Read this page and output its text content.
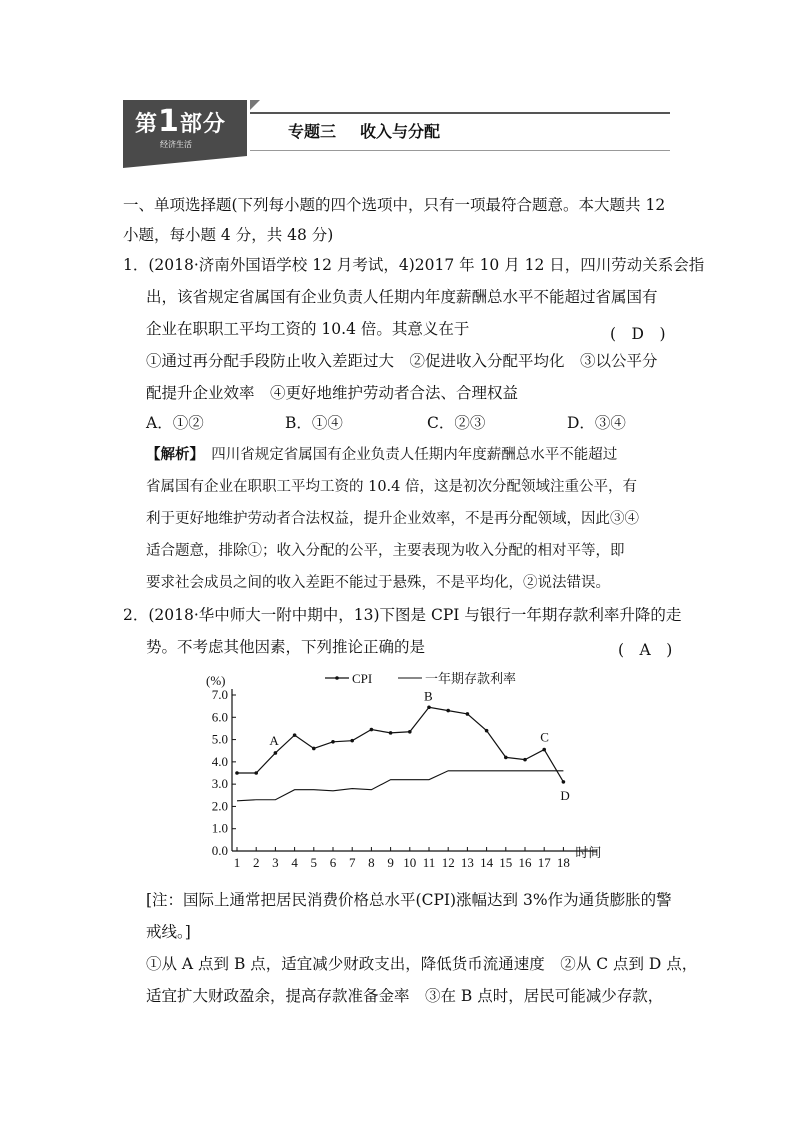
第1部分
经济生活
专题三 收入与分配
一、单项选择题(下列每小题的四个选项中，只有一项最符合题意。本大题共 12
小题，每小题 4 分，共 48 分)
1．(2018·济南外国语学校 12 月考试，4)2017 年 10 月 12 日，四川劳动关系会指
出，该省规定省属国有企业负责人任期内年度薪酬总水平不能超过省属国有
企业在职职工平均工资的 10.4 倍。其意义在于	(　D　)
①通过再分配手段防止收入差距过大　②促进收入分配平均化　③以公平分
配提升企业效率　④更好地维护劳动者合法、合理权益
A．①②	B．①④	C．②③	D．③④
【解析】　四川省规定省属国有企业负责人任期内年度薪酬总水平不能超过
省属国有企业在职职工平均工资的 10.4 倍，这是初次分配领域注重公平，有
利于更好地维护劳动者合法权益，提升企业效率，不是再分配领域，因此③④
适合题意，排除①；收入分配的公平，主要表现为收入分配的相对平等，即
要求社会成员之间的收入差距不能过于悬殊，不是平均化，②说法错误。
2．(2018·华中师大一附中期中，13)下图是 CPI 与银行一年期存款利率升降的走
势。不考虑其他因素，下列推论正确的是	(　A　)
0.0
1.0
2.0
3.0
4.0
5.0
6.0
7.0
(%)
1 2 3 4 5 6 7 8 9 10 11 12 13 14 15 16 17 18
时间
A
B
C
D
CPI	一年期存款利率
[注：国际上通常把居民消费价格总水平(CPI)涨幅达到 3%作为通货膨胀的警
戒线。]
①从 A 点到 B 点，适宜减少财政支出，降低货币流通速度　②从 C 点到 D 点，
适宜扩大财政盈余，提高存款准备金率　③在 B 点时，居民可能减少存款，
